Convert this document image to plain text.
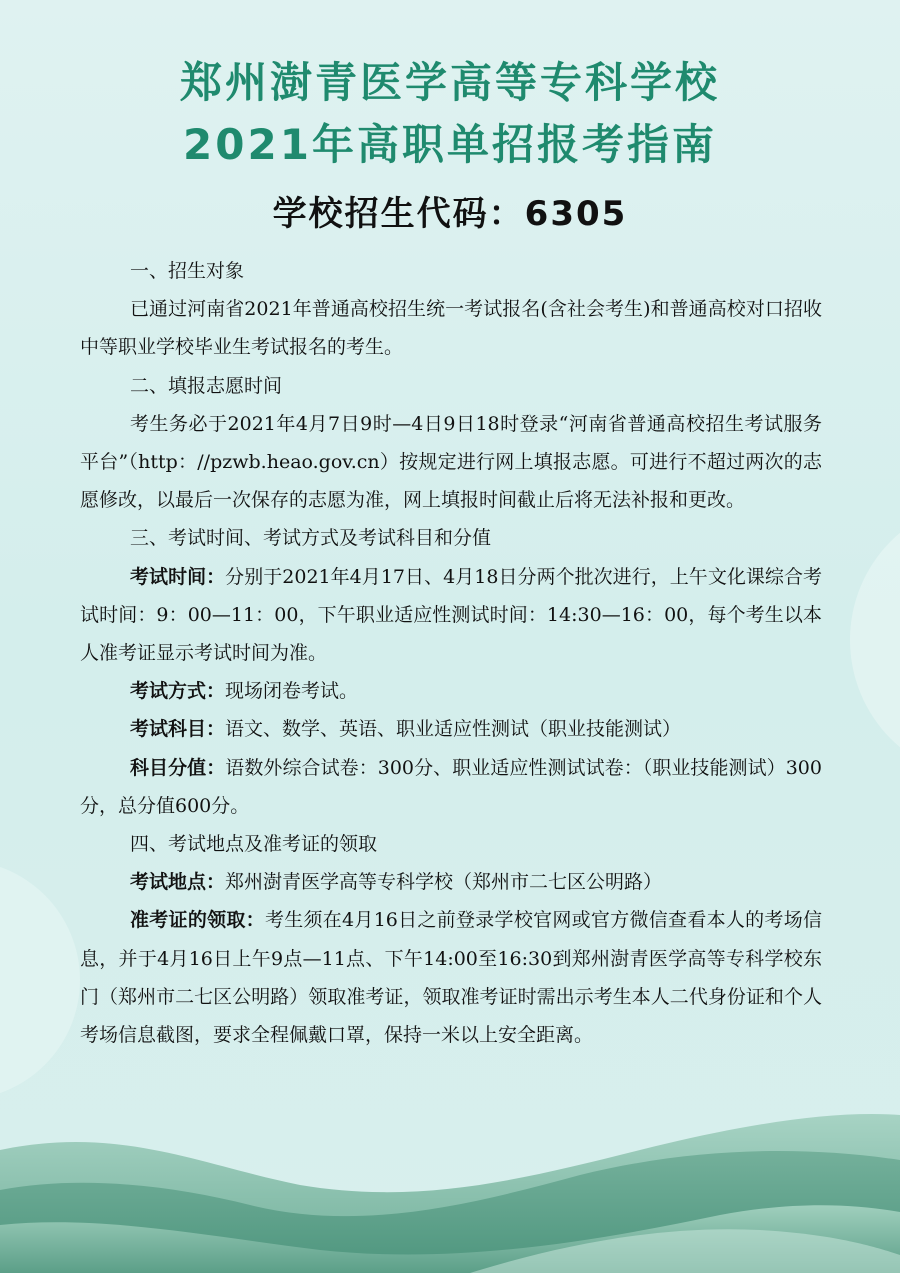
郑州澍青医学高等专科学校
2021年高职单招报考指南
学校招生代码：6305

一、招生对象

已通过河南省2021年普通高校招生统一考试报名(含社会考生)和普通高校对口招收中等职业学校毕业生考试报名的考生。

二、填报志愿时间

考生务必于2021年4月7日9时—4日9日18时登录“河南省普通高校招生考试服务平台”（http：//pzwb.heao.gov.cn）按规定进行网上填报志愿。可进行不超过两次的志愿修改，以最后一次保存的志愿为准，网上填报时间截止后将无法补报和更改。

三、考试时间、考试方式及考试科目和分值

考试时间：分别于2021年4月17日、4月18日分两个批次进行，上午文化课综合考试时间：9：00—11：00，下午职业适应性测试时间：14:30—16：00，每个考生以本人准考证显示考试时间为准。

考试方式：现场闭卷考试。

考试科目：语文、数学、英语、职业适应性测试（职业技能测试）

科目分值：语数外综合试卷：300分、职业适应性测试试卷：（职业技能测试）300分，总分值600分。

四、考试地点及准考证的领取

考试地点：郑州澍青医学高等专科学校（郑州市二七区公明路）

准考证的领取：考生须在4月16日之前登录学校官网或官方微信查看本人的考场信息，并于4月16日上午9点—11点、下午14:00至16:30到郑州澍青医学高等专科学校东门（郑州市二七区公明路）领取准考证，领取准考证时需出示考生本人二代身份证和个人考场信息截图，要求全程佩戴口罩，保持一米以上安全距离。
